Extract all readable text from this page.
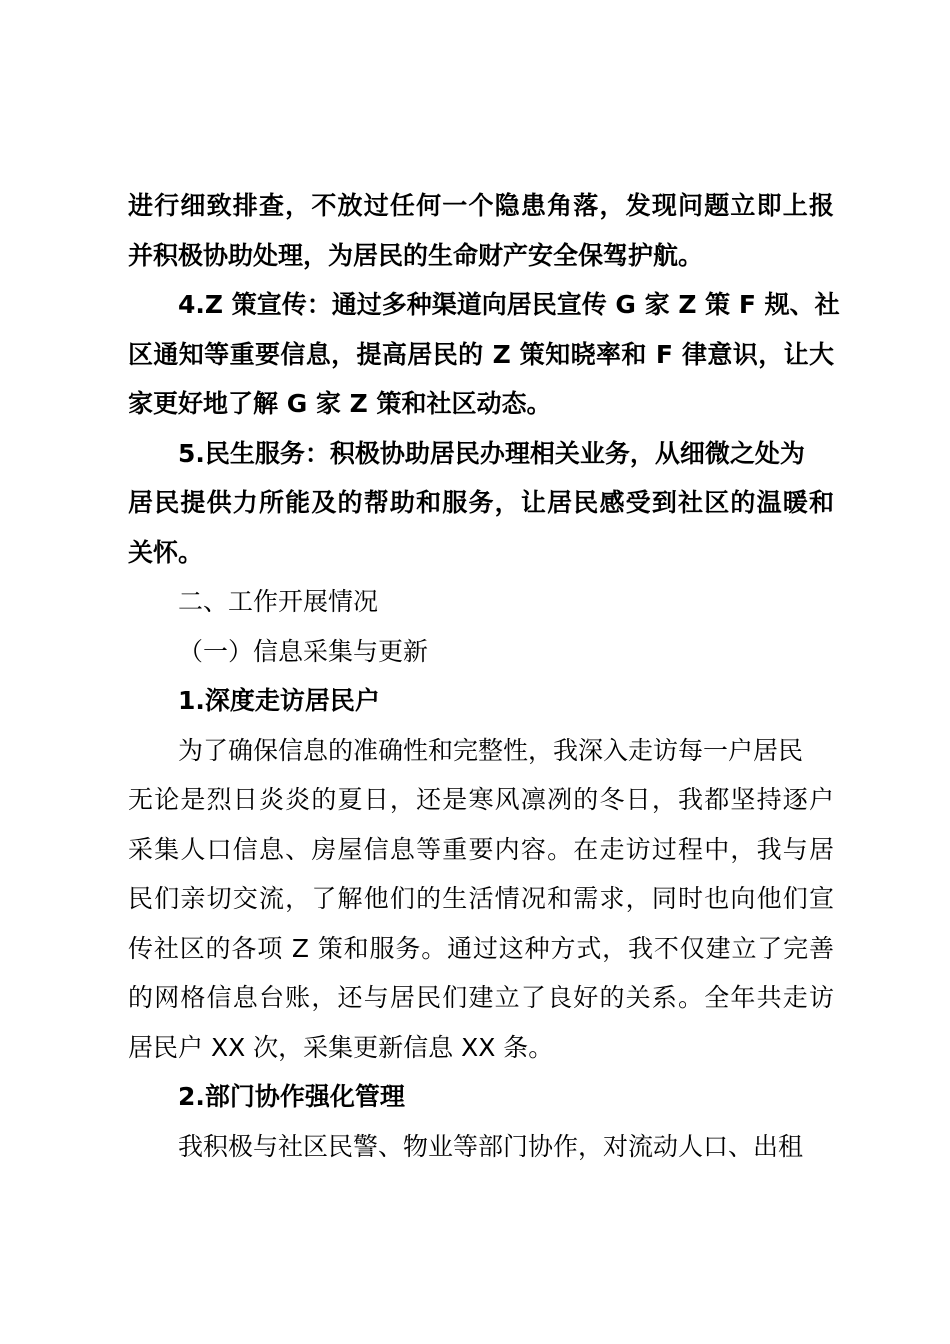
进行细致排查，不放过任何一个隐患角落，发现问题立即上报
并积极协助处理，为居民的生命财产安全保驾护航。
4.Z 策宣传：通过多种渠道向居民宣传 G 家 Z 策 F 规、社
区通知等重要信息，提高居民的 Z 策知晓率和 F 律意识，让大
家更好地了解 G 家 Z 策和社区动态。
5.民生服务：积极协助居民办理相关业务，从细微之处为
居民提供力所能及的帮助和服务，让居民感受到社区的温暖和
关怀。
二、工作开展情况
（一）信息采集与更新
1.深度走访居民户
为了确保信息的准确性和完整性，我深入走访每一户居民
无论是烈日炎炎的夏日，还是寒风凛冽的冬日，我都坚持逐户
采集人口信息、房屋信息等重要内容。在走访过程中，我与居
民们亲切交流，了解他们的生活情况和需求，同时也向他们宣
传社区的各项 Z 策和服务。通过这种方式，我不仅建立了完善
的网格信息台账，还与居民们建立了良好的关系。全年共走访
居民户 XX 次，采集更新信息 XX 条。
2.部门协作强化管理
我积极与社区民警、物业等部门协作，对流动人口、出租
